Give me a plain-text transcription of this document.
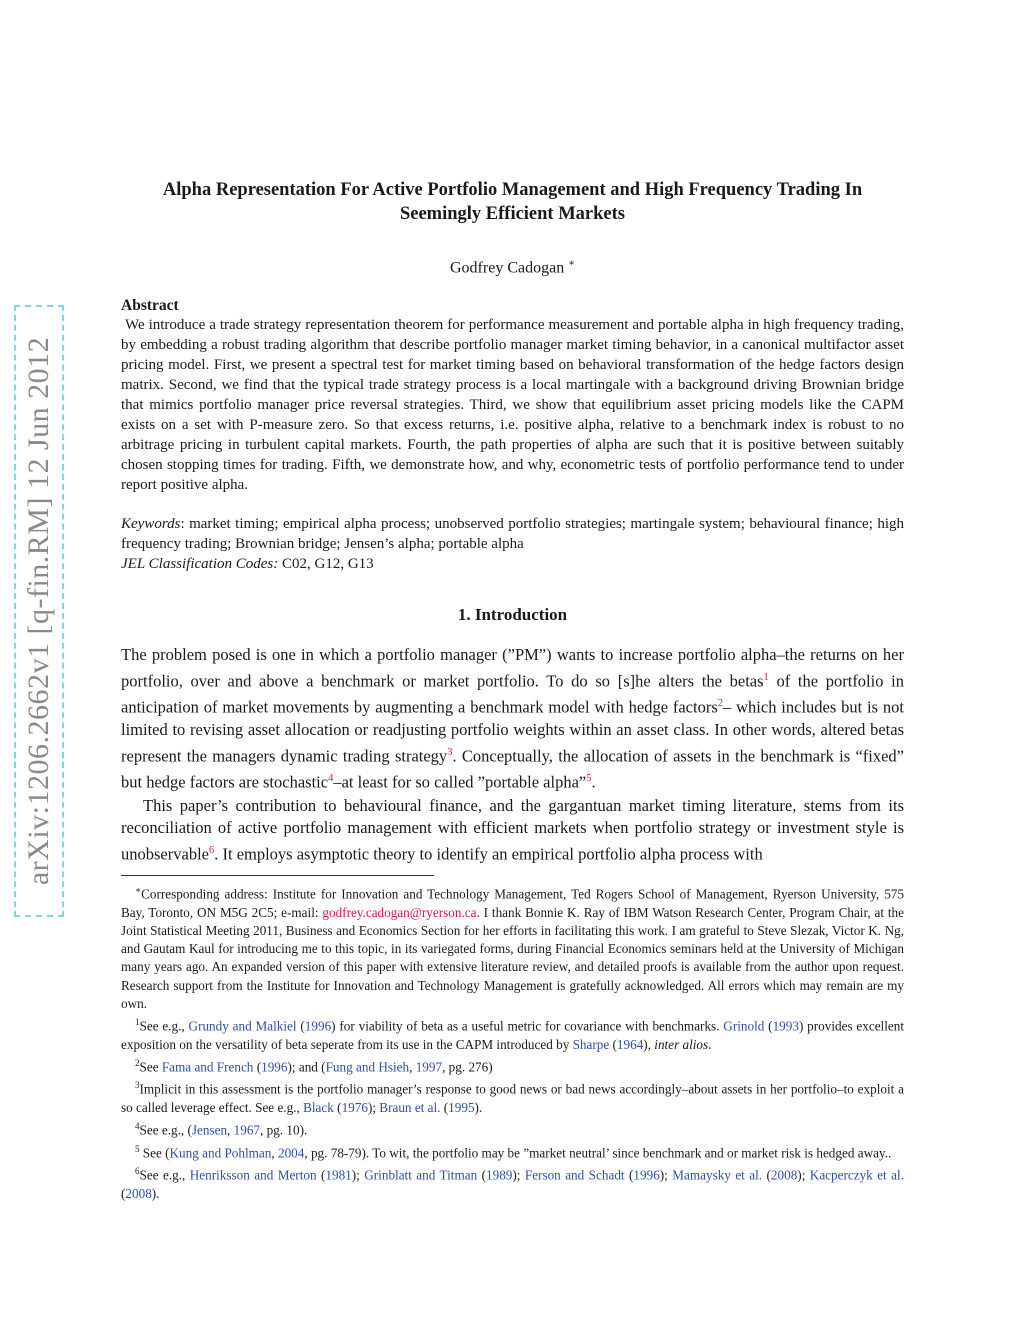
arXiv:1206.2662v1 [q-fin.RM] 12 Jun 2012
Alpha Representation For Active Portfolio Management and High Frequency Trading In
Seemingly Efficient Markets
Godfrey Cadogan ∗
Abstract

We introduce a trade strategy representation theorem for performance measurement and portable alpha in high frequency trading, by embedding a robust trading algorithm that describe portfolio manager market timing behavior, in a canonical multifactor asset pricing model. First, we present a spectral test for market timing based on behavioral transformation of the hedge factors design matrix. Second, we find that the typical trade strategy process is a local martingale with a background driving Brownian bridge that mimics portfolio manager price reversal strategies. Third, we show that equilibrium asset pricing models like the CAPM exists on a set with P-measure zero. So that excess returns, i.e. positive alpha, relative to a benchmark index is robust to no arbitrage pricing in turbulent capital markets. Fourth, the path properties of alpha are such that it is positive between suitably chosen stopping times for trading. Fifth, we demonstrate how, and why, econometric tests of portfolio performance tend to under report positive alpha.

Keywords: market timing; empirical alpha process; unobserved portfolio strategies; martingale system; behavioural finance; high frequency trading; Brownian bridge; Jensen’s alpha; portable alpha
JEL Classification Codes: C02, G12, G13
1. Introduction

The problem posed is one in which a portfolio manager (”PM”) wants to increase portfolio alpha–the returns on her portfolio, over and above a benchmark or market portfolio. To do so [s]he alters the betas$^1$ of the portfolio in anticipation of market movements by augmenting a benchmark model with hedge factors$^2$– which includes but is not limited to revising asset allocation or readjusting portfolio weights within an asset class. In other words, altered betas represent the managers dynamic trading strategy$^3$. Conceptually, the allocation of assets in the benchmark is “fixed” but hedge factors are stochastic$^4$–at least for so called ”portable alpha”$^5$.

This paper’s contribution to behavioural finance, and the gargantuan market timing literature, stems from its reconciliation of active portfolio management with efficient markets when portfolio strategy or investment style is unobservable$^6$. It employs asymptotic theory to identify an empirical portfolio alpha process with

∗Corresponding address: Institute for Innovation and Technology Management, Ted Rogers School of Management, Ryerson University, 575 Bay, Toronto, ON M5G 2C5; e-mail: godfrey.cadogan@ryerson.ca. I thank Bonnie K. Ray of IBM Watson Research Center, Program Chair, at the Joint Statistical Meeting 2011, Business and Economics Section for her efforts in facilitating this work. I am grateful to Steve Slezak, Victor K. Ng, and Gautam Kaul for introducing me to this topic, in its variegated forms, during Financial Economics seminars held at the University of Michigan many years ago. An expanded version of this paper with extensive literature review, and detailed proofs is available from the author upon request. Research support from the Institute for Innovation and Technology Management is gratefully acknowledged. All errors which may remain are my own.

$^1$See e.g., Grundy and Malkiel (1996) for viability of beta as a useful metric for covariance with benchmarks. Grinold (1993) provides excellent exposition on the versatility of beta seperate from its use in the CAPM introduced by Sharpe (1964), inter alios.

$^2$See Fama and French (1996); and (Fung and Hsieh, 1997, pg. 276)

$^3$Implicit in this assessment is the portfolio manager’s response to good news or bad news accordingly–about assets in her portfolio–to exploit a so called leverage effect. See e.g., Black (1976); Braun et al. (1995).

$^4$See e.g., (Jensen, 1967, pg. 10).

$^5$ See (Kung and Pohlman, 2004, pg. 78-79). To wit, the portfolio may be ”market neutral’ since benchmark and or market risk is hedged away..

$^6$See e.g., Henriksson and Merton (1981); Grinblatt and Titman (1989); Ferson and Schadt (1996); Mamaysky et al. (2008); Kacperczyk et al. (2008).
